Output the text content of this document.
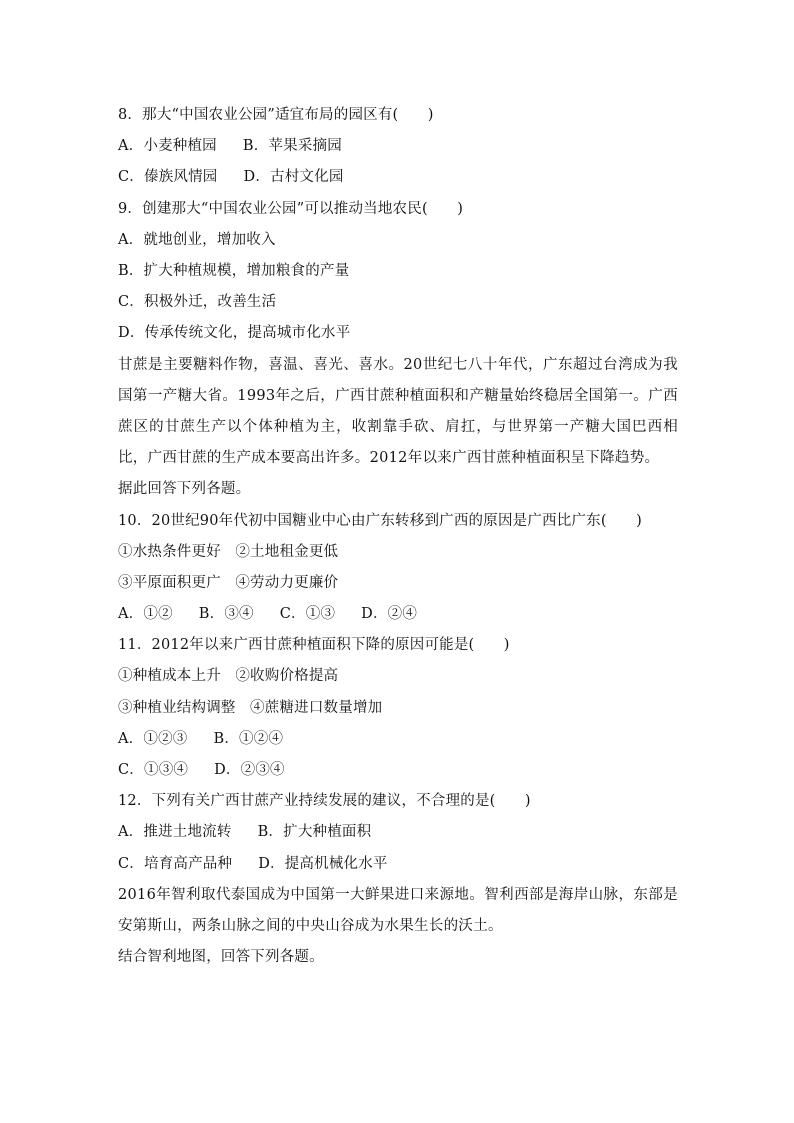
8．那大“中国农业公园”适宜布局的园区有(　　)
A．小麦种植园 B．苹果采摘园
C．傣族风情园 D．古村文化园
9．创建那大“中国农业公园”可以推动当地农民(　　)
A．就地创业，增加收入
B．扩大种植规模，增加粮食的产量
C．积极外迁，改善生活
D．传承传统文化，提高城市化水平
甘蔗是主要糖料作物，喜温、喜光、喜水。20世纪七八十年代，广东超过台湾成为我国第一产糖大省。1993年之后，广西甘蔗种植面积和产糖量始终稳居全国第一。广西蔗区的甘蔗生产以个体种植为主，收割靠手砍、肩扛，与世界第一产糖大国巴西相比，广西甘蔗的生产成本要高出许多。2012年以来广西甘蔗种植面积呈下降趋势。
据此回答下列各题。
10．20世纪90年代初中国糖业中心由广东转移到广西的原因是广西比广东(　　)
①水热条件更好 ②土地租金更低
③平原面积更广 ④劳动力更廉价
A．①② B．③④ C．①③ D．②④
11．2012年以来广西甘蔗种植面积下降的原因可能是(　　)
①种植成本上升 ②收购价格提高
③种植业结构调整 ④蔗糖进口数量增加
A．①②③ B．①②④
C．①③④ D．②③④
12．下列有关广西甘蔗产业持续发展的建议，不合理的是(　　)
A．推进土地流转 B．扩大种植面积
C．培育高产品种 D．提高机械化水平
2016年智利取代泰国成为中国第一大鲜果进口来源地。智利西部是海岸山脉，东部是安第斯山，两条山脉之间的中央山谷成为水果生长的沃土。
结合智利地图，回答下列各题。
